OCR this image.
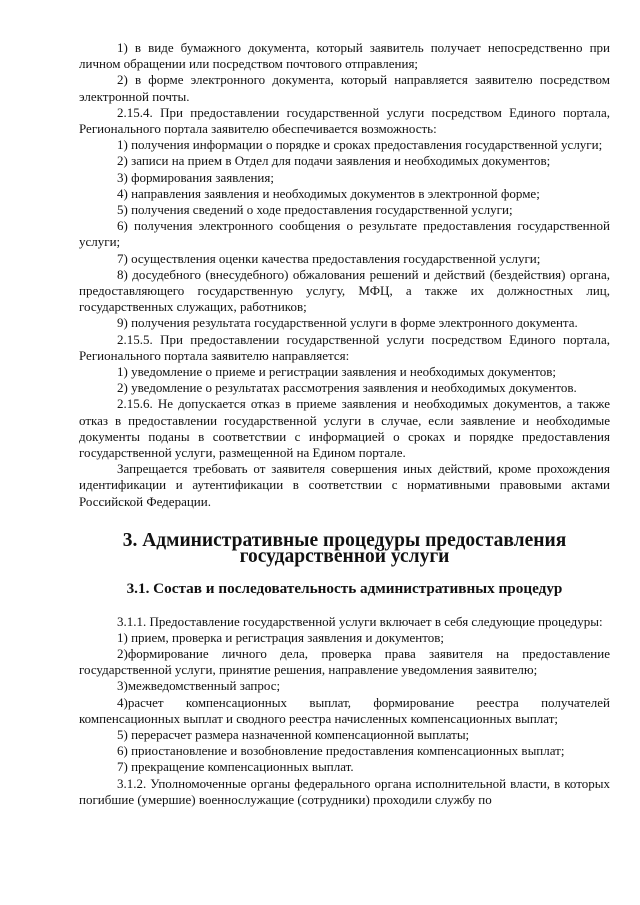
1) в виде бумажного документа, который заявитель получает непосредственно при личном обращении или посредством почтового отправления;

2) в форме электронного документа, который направляется заявителю посредством электронной почты.

2.15.4. При предоставлении государственной услуги посредством Единого портала, Регионального портала заявителю обеспечивается возможность:

1) получения информации о порядке и сроках предоставления государственной услуги;

2) записи на прием в Отдел для подачи заявления и необходимых документов;

3) формирования заявления;

4) направления заявления и необходимых документов в электронной форме;

5) получения сведений о ходе предоставления государственной услуги;

6) получения электронного сообщения о результате предоставления государственной услуги;

7) осуществления оценки качества предоставления государственной услуги;

8) досудебного (внесудебного) обжалования решений и действий (бездействия) органа, предоставляющего государственную услугу, МФЦ, а также их должностных лиц, государственных служащих, работников;

9) получения результата государственной услуги в форме электронного документа.

2.15.5. При предоставлении государственной услуги посредством Единого портала, Регионального портала заявителю направляется:

1) уведомление о приеме и регистрации заявления и необходимых документов;

2) уведомление о результатах рассмотрения заявления и необходимых документов.

2.15.6. Не допускается отказ в приеме заявления и необходимых документов, а также отказ в предоставлении государственной услуги в случае, если заявление и необходимые документы поданы в соответствии с информацией о сроках и порядке предоставления государственной услуги, размещенной на Едином портале.

Запрещается требовать от заявителя совершения иных действий, кроме прохождения идентификации и аутентификации в соответствии с нормативными правовыми актами Российской Федерации.

3. Административные процедуры предоставления государственной услуги
3.1. Состав и последовательность административных процедур

3.1.1. Предоставление государственной услуги включает в себя следующие процедуры:

1) прием, проверка и регистрация заявления и документов;

2)формирование личного дела, проверка права заявителя на предоставление государственной услуги, принятие решения, направление уведомления заявителю;

3)межведомственный запрос;

4)расчет компенсационных выплат, формирование реестра получателей компенсационных выплат и сводного реестра начисленных компенсационных выплат;

5) перерасчет размера назначенной компенсационной выплаты;

6) приостановление и возобновление предоставления компенсационных выплат;

7) прекращение компенсационных выплат.

3.1.2. Уполномоченные органы федерального органа исполнительной власти, в которых погибшие (умершие) военнослужащие (сотрудники) проходили службу по
